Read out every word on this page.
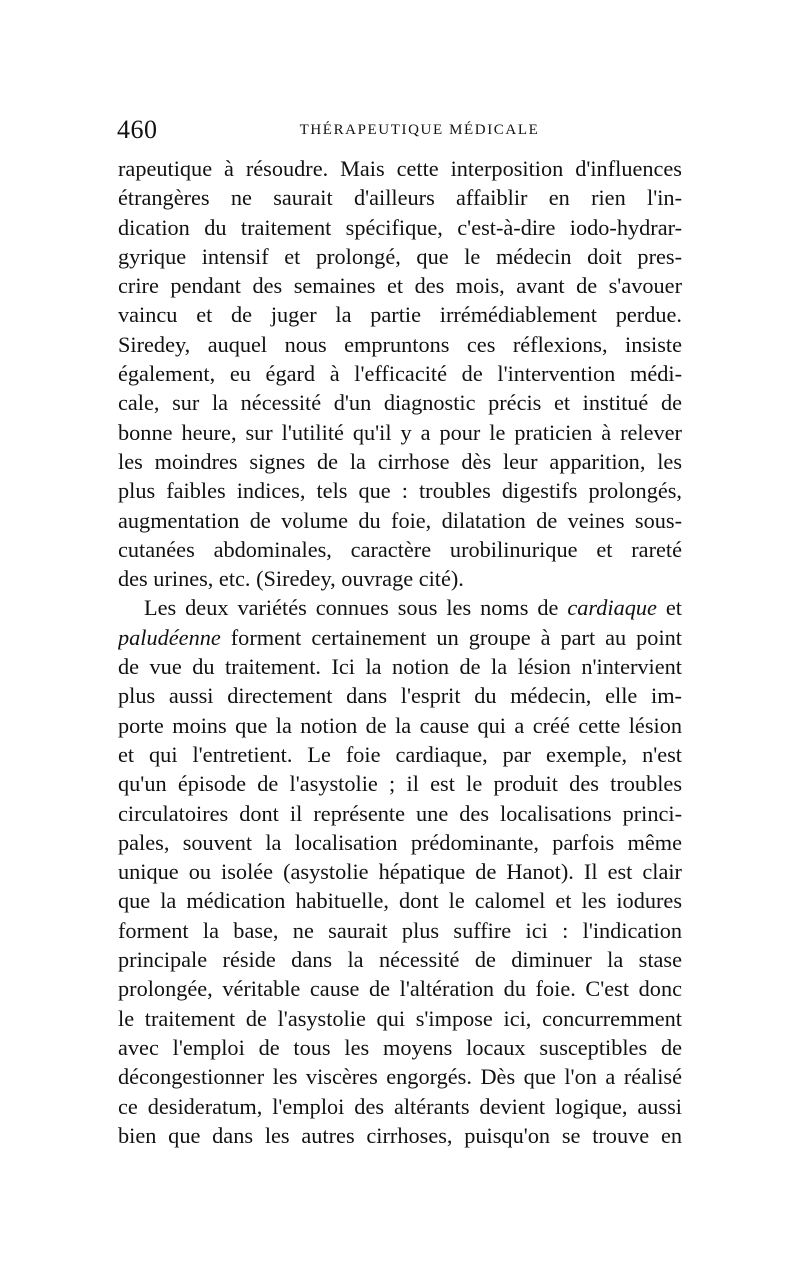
460	THÉRAPEUTIQUE MÉDICALE
rapeutique à résoudre. Mais cette interposition d'influences
étrangères ne saurait d'ailleurs affaiblir en rien l'in-
dication du traitement spécifique, c'est-à-dire iodo-hydrar-
gyrique intensif et prolongé, que le médecin doit pres-
crire pendant des semaines et des mois, avant de s'avouer
vaincu et de juger la partie irrémédiablement perdue.
Siredey, auquel nous empruntons ces réflexions, insiste
également, eu égard à l'efficacité de l'intervention médi-
cale, sur la nécessité d'un diagnostic précis et institué de
bonne heure, sur l'utilité qu'il y a pour le praticien à relever
les moindres signes de la cirrhose dès leur apparition, les
plus faibles indices, tels que : troubles digestifs prolongés,
augmentation de volume du foie, dilatation de veines sous-
cutanées abdominales, caractère urobilinurique et rareté
des urines, etc. (Siredey, ouvrage cité).
Les deux variétés connues sous les noms de cardiaque et
paludéenne forment certainement un groupe à part au point
de vue du traitement. Ici la notion de la lésion n'intervient
plus aussi directement dans l'esprit du médecin, elle im-
porte moins que la notion de la cause qui a créé cette lésion
et qui l'entretient. Le foie cardiaque, par exemple, n'est
qu'un épisode de l'asystolie ; il est le produit des troubles
circulatoires dont il représente une des localisations princi-
pales, souvent la localisation prédominante, parfois même
unique ou isolée (asystolie hépatique de Hanot). Il est clair
que la médication habituelle, dont le calomel et les iodures
forment la base, ne saurait plus suffire ici : l'indication
principale réside dans la nécessité de diminuer la stase
prolongée, véritable cause de l'altération du foie. C'est donc
le traitement de l'asystolie qui s'impose ici, concurremment
avec l'emploi de tous les moyens locaux susceptibles de
décongestionner les viscères engorgés. Dès que l'on a réalisé
ce desideratum, l'emploi des altérants devient logique, aussi
bien que dans les autres cirrhoses, puisqu'on se trouve en
